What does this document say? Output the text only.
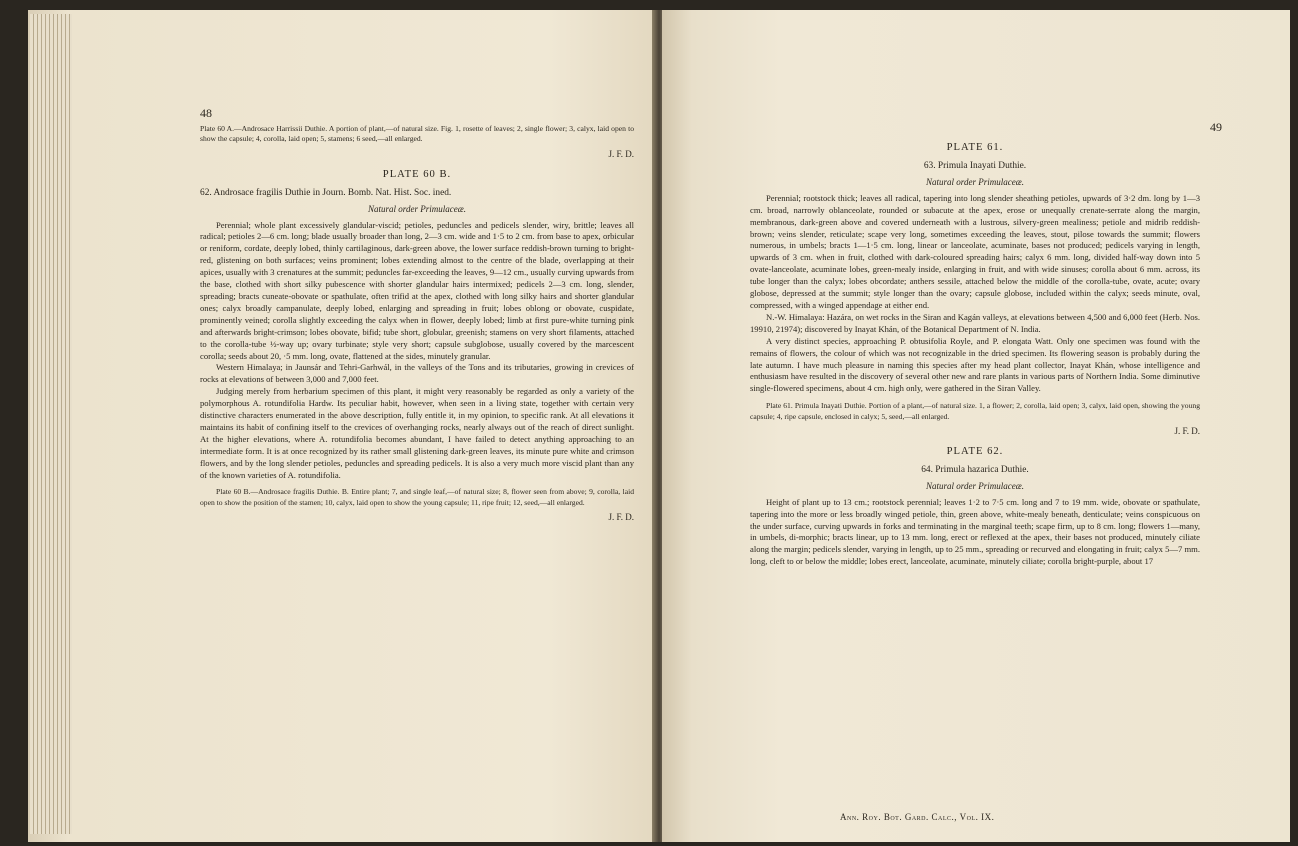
48

Plate 60 A.—Androsace Harrissii Duthie. A portion of plant,—of natural size. Fig. 1, rosette of leaves; 2, single flower; 3, calyx, laid open to show the capsule; 4, corolla, laid open; 5, stamens; 6 seed,—all enlarged.

J. F. D.

PLATE 60 B.

62. Androsace fragilis Duthie in Journ. Bomb. Nat. Hist. Soc. ined.

Natural order Primulaceæ.

Perennial; whole plant excessively glandular-viscid; petioles, peduncles and pedicels slender, wiry, brittle; leaves all radical; petioles 2—6 cm. long; blade usually broader than long, 2—3 cm. wide and 1·5 to 2 cm. from base to apex, orbicular or reniform, cordate, deeply lobed, thinly cartilaginous, dark-green above, the lower surface reddish-brown turning to bright-red, glistening on both surfaces; veins prominent; lobes extending almost to the centre of the blade, overlapping at their apices, usually with 3 crenatures at the summit; peduncles far-exceeding the leaves, 9—12 cm., usually curving upwards from the base, clothed with short silky pubescence with shorter glandular hairs intermixed; pedicels 2—3 cm. long, slender, spreading; bracts cuneate-obovate or spathulate, often trifid at the apex, clothed with long silky hairs and shorter glandular ones; calyx broadly campanulate, deeply lobed, enlarging and spreading in fruit; lobes oblong or obovate, cuspidate, prominently veined; corolla slightly exceeding the calyx when in flower, deeply lobed; limb at first pure-white turning pink and afterwards bright-crimson; lobes obovate, bifid; tube short, globular, greenish; stamens on very short filaments, attached to the corolla-tube ½-way up; ovary turbinate; style very short; capsule subglobose, usually covered by the marcescent corolla; seeds about 20, ·5 mm. long, ovate, flattened at the sides, minutely granular.

Western Himalaya; in Jaunsár and Tehri-Garhwál, in the valleys of the Tons and its tributaries, growing in crevices of rocks at elevations of between 3,000 and 7,000 feet.

Judging merely from herbarium specimen of this plant, it might very reasonably be regarded as only a variety of the polymorphous A. rotundifolia Hardw. Its peculiar habit, however, when seen in a living state, together with certain very distinctive characters enumerated in the above description, fully entitle it, in my opinion, to specific rank. At all elevations it maintains its habit of confining itself to the crevices of overhanging rocks, nearly always out of the reach of direct sunlight. At the higher elevations, where A. rotundifolia becomes abundant, I have failed to detect anything approaching to an intermediate form. It is at once recognized by its rather small glistening dark-green leaves, its minute pure white and crimson flowers, and by the long slender petioles, peduncles and spreading pedicels. It is also a very much more viscid plant than any of the known varieties of A. rotundifolia.

Plate 60 B.—Androsace fragilis Duthie. B. Entire plant; 7, and single leaf,—of natural size; 8, flower seen from above; 9, corolla, laid open to show the position of the stamen; 10, calyx, laid open to show the young capsule; 11, ripe fruit; 12, seed,—all enlarged.

J. F. D.

49
PLATE 61.

63. Primula Inayati Duthie.

Natural order Primulaceæ.

Perennial; rootstock thick; leaves all radical, tapering into long slender sheathing petioles, upwards of 3·2 dm. long by 1—3 cm. broad, narrowly oblanceolate, rounded or subacute at the apex, erose or unequally crenate-serrate along the margin, membranous, dark-green above and covered underneath with a lustrous, silvery-green mealiness; petiole and midrib reddish-brown; veins slender, reticulate; scape very long, sometimes exceeding the leaves, stout, pilose towards the summit; flowers numerous, in umbels; bracts 1—1·5 cm. long, linear or lanceolate, acuminate, bases not produced; pedicels varying in length, upwards of 3 cm. when in fruit, clothed with dark-coloured spreading hairs; calyx 6 mm. long, divided half-way down into 5 ovate-lanceolate, acuminate lobes, green-mealy inside, enlarging in fruit, and with wide sinuses; corolla about 6 mm. across, its tube longer than the calyx; lobes obcordate; anthers sessile, attached below the middle of the corolla-tube, ovate, acute; ovary globose, depressed at the summit; style longer than the ovary; capsule globose, included within the calyx; seeds minute, oval, compressed, with a winged appendage at either end.

N.-W. Himalaya: Hazára, on wet rocks in the Siran and Kagán valleys, at elevations between 4,500 and 6,000 feet (Herb. Nos. 19910, 21974); discovered by Inayat Khán, of the Botanical Department of N. India.

A very distinct species, approaching P. obtusifolia Royle, and P. elongata Watt. Only one specimen was found with the remains of flowers, the colour of which was not recognizable in the dried specimen. Its flowering season is probably during the late autumn. I have much pleasure in naming this species after my head plant collector, Inayat Khán, whose intelligence and enthusiasm have resulted in the discovery of several other new and rare plants in various parts of Northern India. Some diminutive single-flowered specimens, about 4 cm. high only, were gathered in the Siran Valley.

Plate 61. Primula Inayati Duthie. Portion of a plant,—of natural size. 1, a flower; 2, corolla, laid open; 3, calyx, laid open, showing the young capsule; 4, ripe capsule, enclosed in calyx; 5, seed,—all enlarged.

J. F. D.

PLATE 62.

64. Primula hazarica Duthie.

Natural order Primulaceæ.

Height of plant up to 13 cm.; rootstock perennial; leaves 1·2 to 7·5 cm. long and 7 to 19 mm. wide, obovate or spathulate, tapering into the more or less broadly winged petiole, thin, green above, white-mealy beneath, denticulate; veins conspicuous on the under surface, curving upwards in forks and terminating in the marginal teeth; scape firm, up to 8 cm. long; flowers 1—many, in umbels, di-morphic; bracts linear, up to 13 mm. long, erect or reflexed at the apex, their bases not produced, minutely ciliate along the margin; pedicels slender, varying in length, up to 25 mm., spreading or recurved and elongating in fruit; calyx 5—7 mm. long, cleft to or below the middle; lobes erect, lanceolate, acuminate, minutely ciliate; corolla bright-purple, about 17

Ann. Roy. Bot. Gard. Calc., Vol. IX.
